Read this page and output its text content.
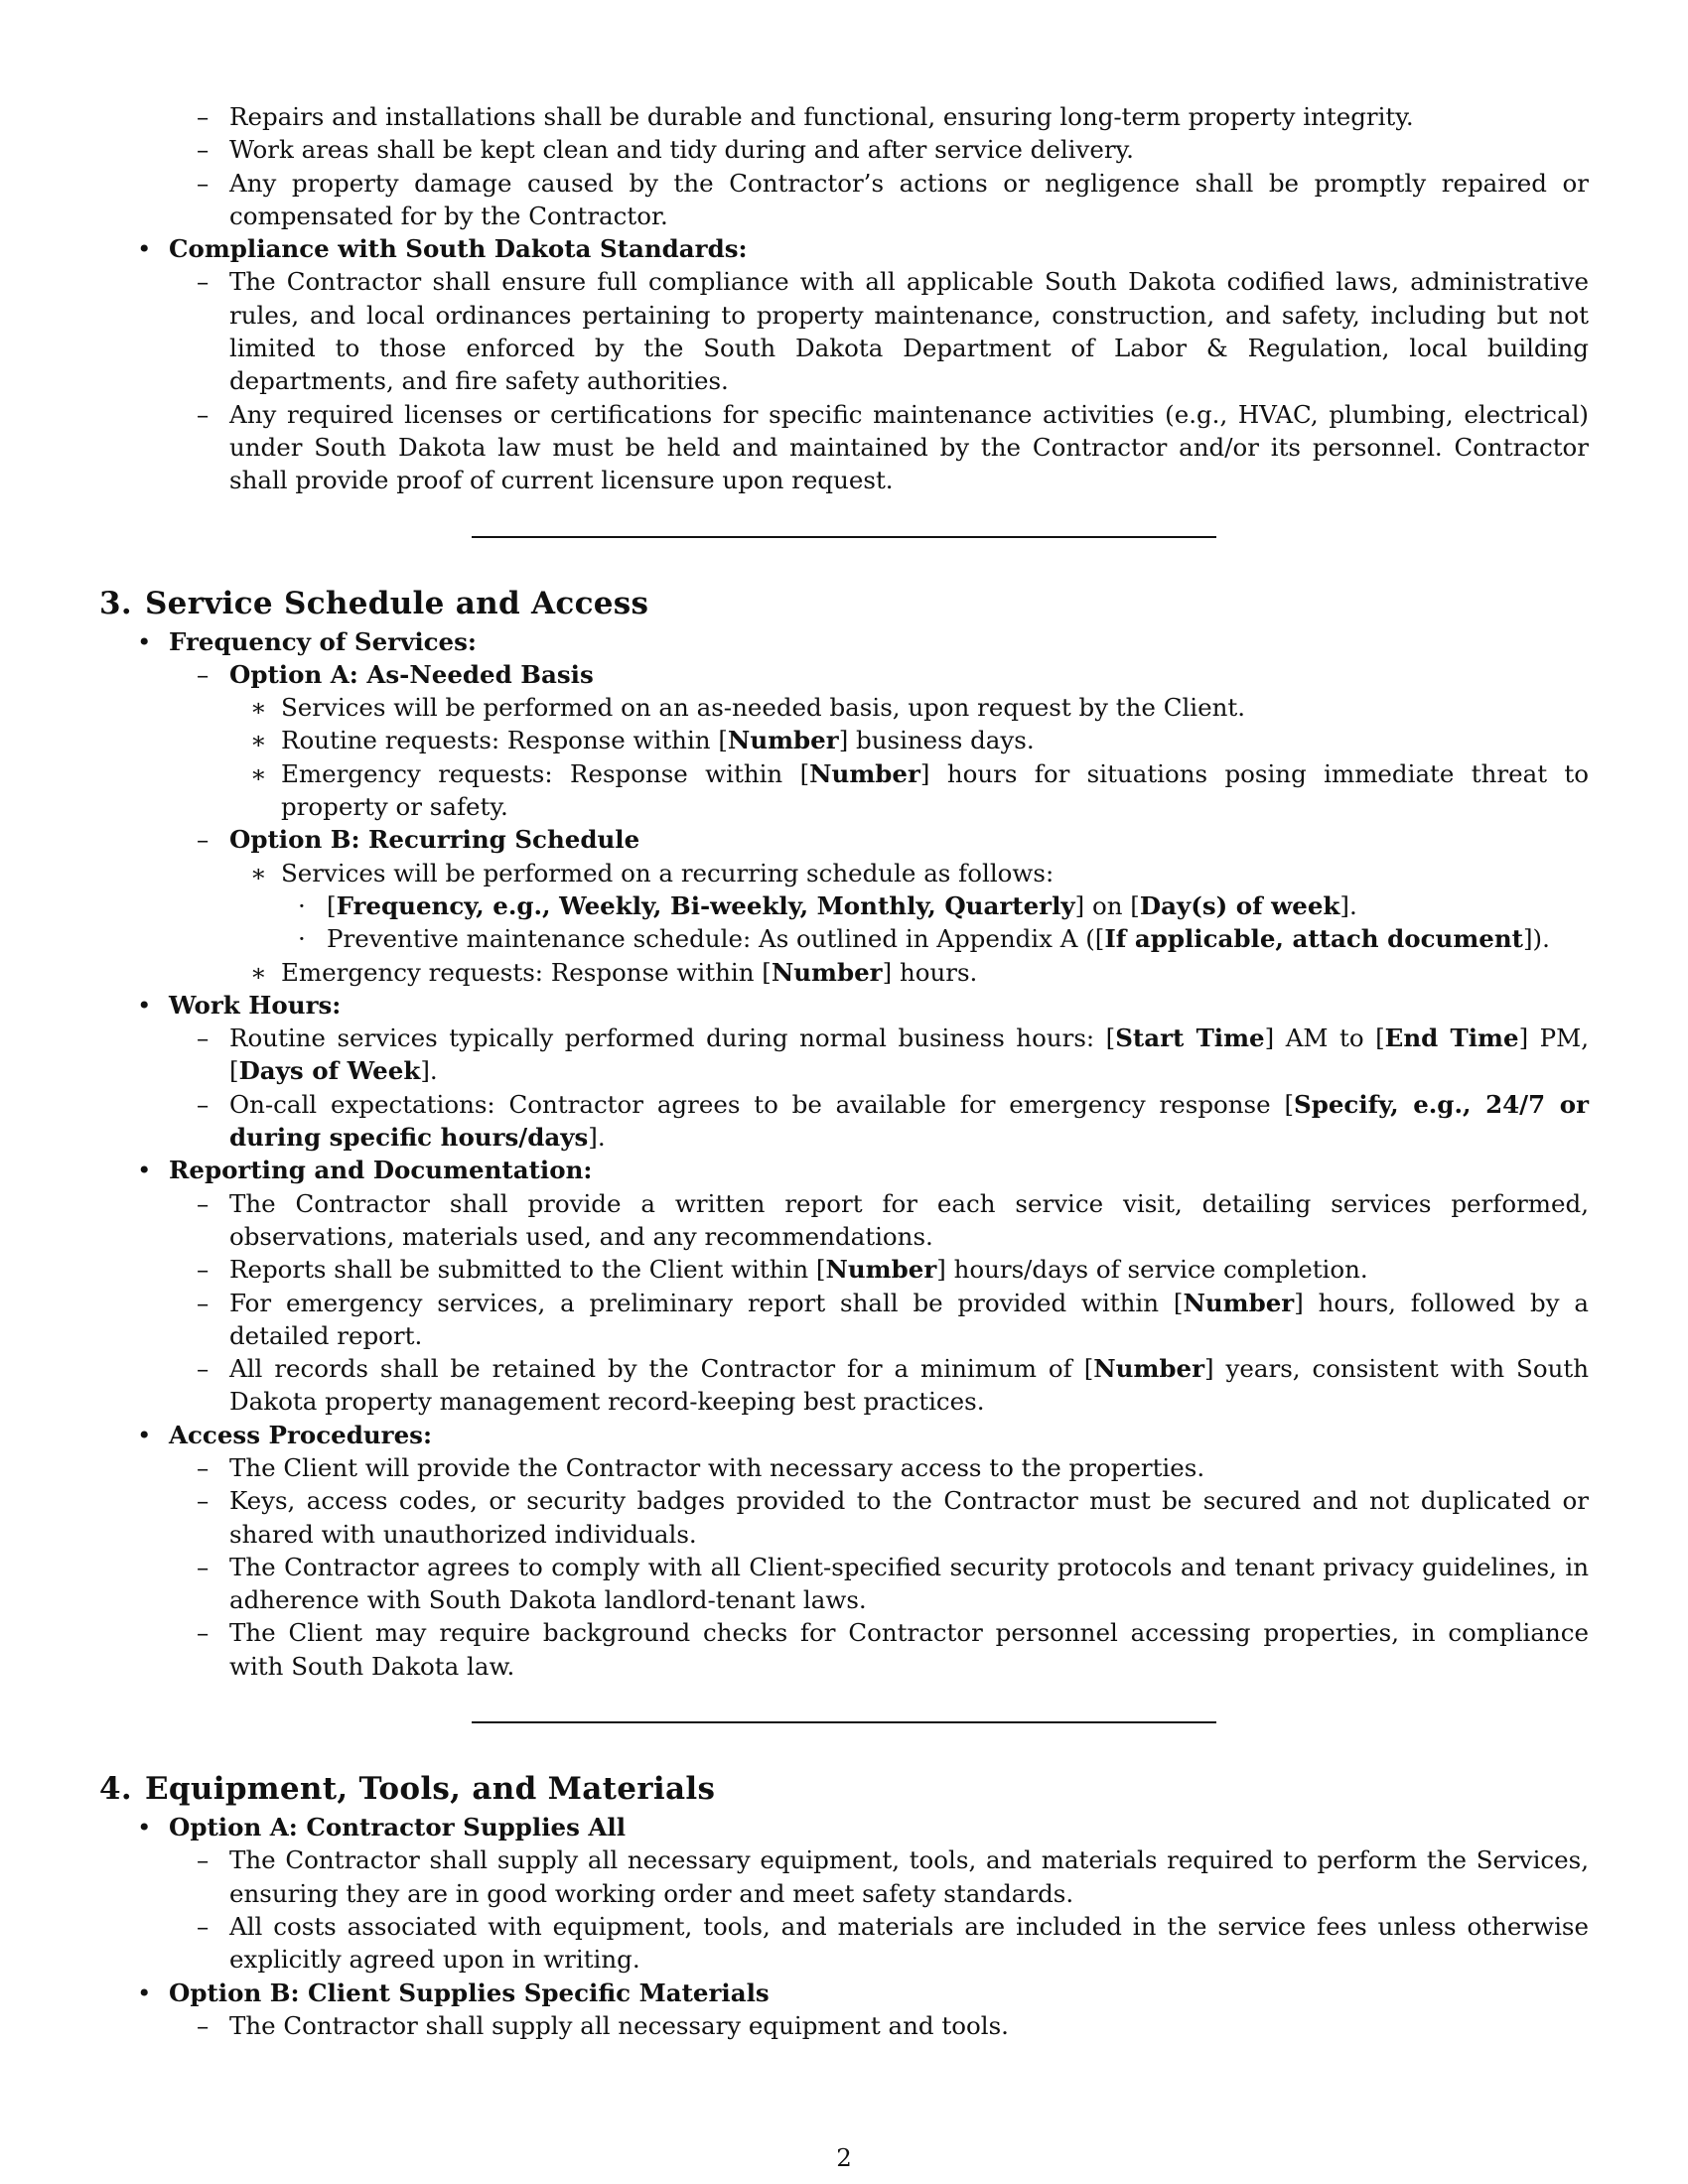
– Repairs and installations shall be durable and functional, ensuring long-term property integrity.
– Work areas shall be kept clean and tidy during and after service delivery.
– Any property damage caused by the Contractor’s actions or negligence shall be promptly repaired or compensated for by the Contractor.
• Compliance with South Dakota Standards:
– The Contractor shall ensure full compliance with all applicable South Dakota codified laws, administrative rules, and local ordinances pertaining to property maintenance, construction, and safety, including but not limited to those enforced by the South Dakota Department of Labor & Regulation, local building departments, and fire safety authorities.
– Any required licenses or certifications for specific maintenance activities (e.g., HVAC, plumbing, electrical) under South Dakota law must be held and maintained by the Contractor and/or its personnel. Contractor shall provide proof of current licensure upon request.
3. Service Schedule and Access
• Frequency of Services:
– Option A: As-Needed Basis
∗ Services will be performed on an as-needed basis, upon request by the Client.
∗ Routine requests: Response within [Number] business days.
∗ Emergency requests: Response within [Number] hours for situations posing immediate threat to property or safety.
– Option B: Recurring Schedule
∗ Services will be performed on a recurring schedule as follows:
· [Frequency, e.g., Weekly, Bi-weekly, Monthly, Quarterly] on [Day(s) of week].
· Preventive maintenance schedule: As outlined in Appendix A ([If applicable, attach document]).
∗ Emergency requests: Response within [Number] hours.
• Work Hours:
– Routine services typically performed during normal business hours: [Start Time] AM to [End Time] PM, [Days of Week].
– On-call expectations: Contractor agrees to be available for emergency response [Specify, e.g., 24/7 or during specific hours/days].
• Reporting and Documentation:
– The Contractor shall provide a written report for each service visit, detailing services performed, observations, materials used, and any recommendations.
– Reports shall be submitted to the Client within [Number] hours/days of service completion.
– For emergency services, a preliminary report shall be provided within [Number] hours, followed by a detailed report.
– All records shall be retained by the Contractor for a minimum of [Number] years, consistent with South Dakota property management record-keeping best practices.
• Access Procedures:
– The Client will provide the Contractor with necessary access to the properties.
– Keys, access codes, or security badges provided to the Contractor must be secured and not duplicated or shared with unauthorized individuals.
– The Contractor agrees to comply with all Client-specified security protocols and tenant privacy guidelines, in adherence with South Dakota landlord-tenant laws.
– The Client may require background checks for Contractor personnel accessing properties, in compliance with South Dakota law.
4. Equipment, Tools, and Materials
• Option A: Contractor Supplies All
– The Contractor shall supply all necessary equipment, tools, and materials required to perform the Services, ensuring they are in good working order and meet safety standards.
– All costs associated with equipment, tools, and materials are included in the service fees unless otherwise explicitly agreed upon in writing.
• Option B: Client Supplies Specific Materials
– The Contractor shall supply all necessary equipment and tools.
2
